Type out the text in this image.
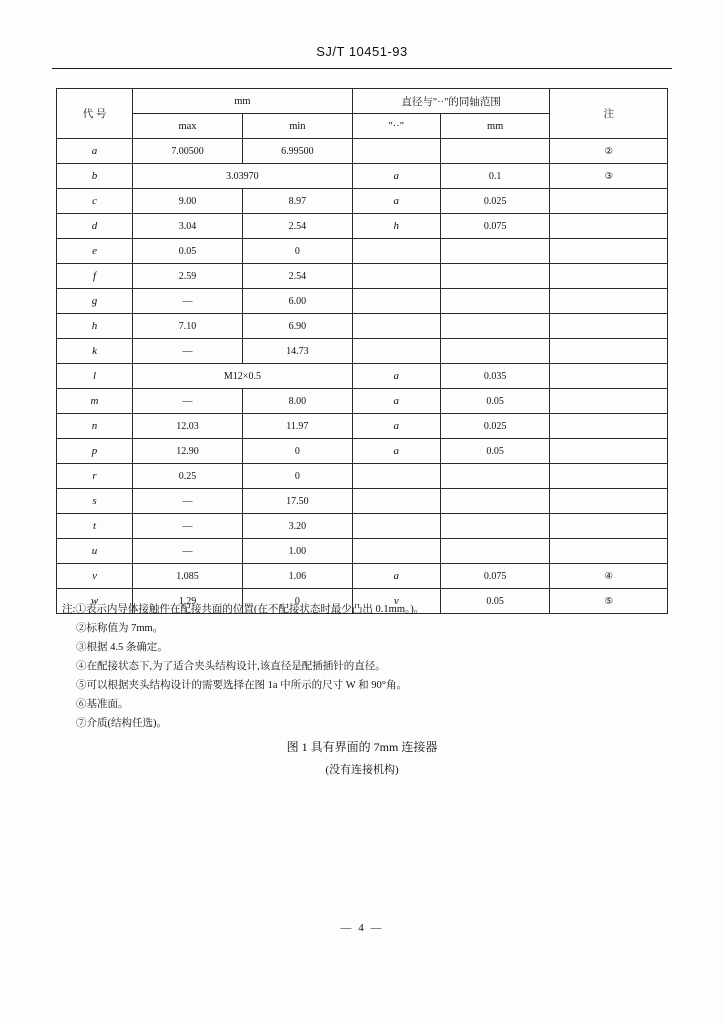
SJ/T 10451-93
代 号	mm		直径与"··"的同轴范围		注
	max	min	"··"	mm	
a	7.00500	6.99500			②
b	3.03970		a	0.1	③
c	9.00	8.97	a	0.025	
d	3.04	2.54	h	0.075	
e	0.05	0			
f	2.59	2.54			
g	—	6.00			
h	7.10	6.90			
k	—	14.73			
l	M12×0.5		a	0.035	
m	—	8.00	a	0.05	
n	12.03	11.97	a	0.025	
p	12.90	0	a	0.05	
r	0.25	0			
s	—	17.50			
t	—	3.20			
u	—	1.00			
v	1.085	1.06	a	0.075	④
w	1.29	0	v	0.05	⑤
注:①表示内导体接触件在配接共面的位置(在不配接状态时最少凸出 0.1mm。)。
②标称值为 7mm。
③根据 4.5 条确定。
④在配接状态下,为了适合夹头结构设计,该直径是配插插针的直径。
⑤可以根据夹头结构设计的需要选择在图 1a 中所示的尺寸 W 和 90°角。
⑥基准面。
⑦介质(结构任选)。
图 1 具有界面的 7mm 连接器
(没有连接机构)
— 4 —
